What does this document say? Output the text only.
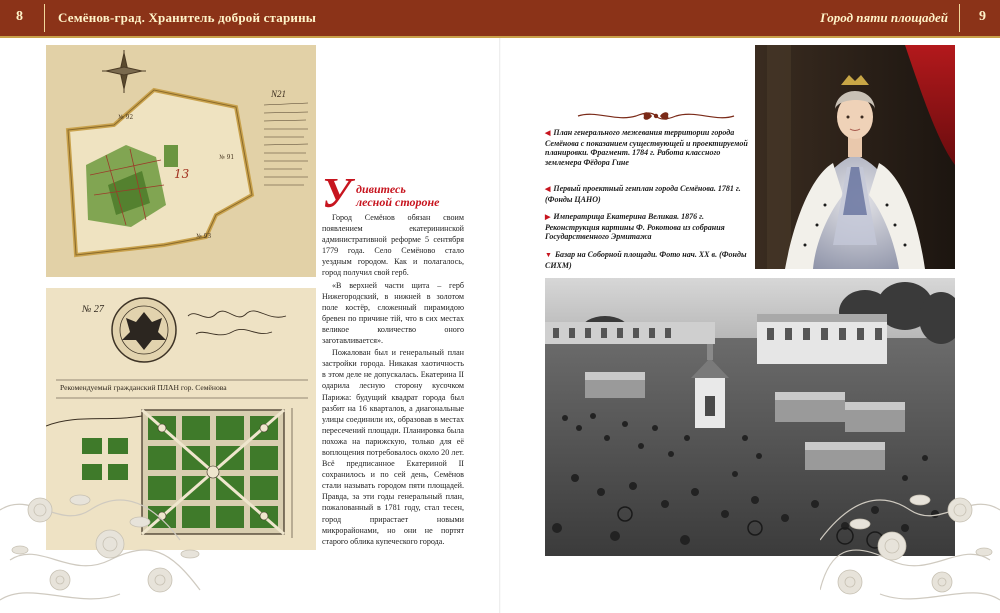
8	Семёнов-град. Хранитель доброй старины	Город пяти площадей 9
13
№ 92
№ 91
№ 93
N21
№ 27
Рекомендуемый гражданский ПЛАН гор. Семёнова
У дивитесь
лесной стороне

Город Семёнов обязан своим появлением екатерининской административной реформе 5 сентября 1779 года. Село Семёново стало уездным городом. Как и полагалось, город получил свой герб.

«В верхней части щита – герб Нижегородский, в нижней в золотом поле костёр, сложенный пирамидою бревен по причине тій, что в сих местах великое количество оного заготавливается».

Пожалован был и генеральный план застройки города. Никакая хаотичность в этом деле не допускалась. Екатерина II одарила лесную сторону кусочком Парижа: будущий квадрат города был разбит на 16 кварталов, а диагональные улицы соединили их, образовав в местах пересечений площади. Планировка была похожа на парижскую, только для её воплощения потребовалось около 20 лет. Всё предписанное Екатериной II сохранилось и по сей день, Семёнов стали называть городом пяти площадей. Правда, за эти годы генеральный план, пожалованный в 1781 году, стал тесен, город прирастает новыми микрорайонами, но они не портят старого облика купеческого города.

◀ План генерального межевания территории города Семёнова с показанием существующей и проектируемой планировки. Фрагмент. 1784 г. Работа классного землемера Фёдора Гине
◀ Первый проектный генплан города Семёнова. 1781 г. (Фонды ЦАНО)
▶ Императрица Екатерина Великая. 1876 г. Реконструкция картины Ф. Рокотова из собрания Государственного Эрмитажа
▼ Базар на Соборной площади. Фото нач. XX в. (Фонды СИХМ)
